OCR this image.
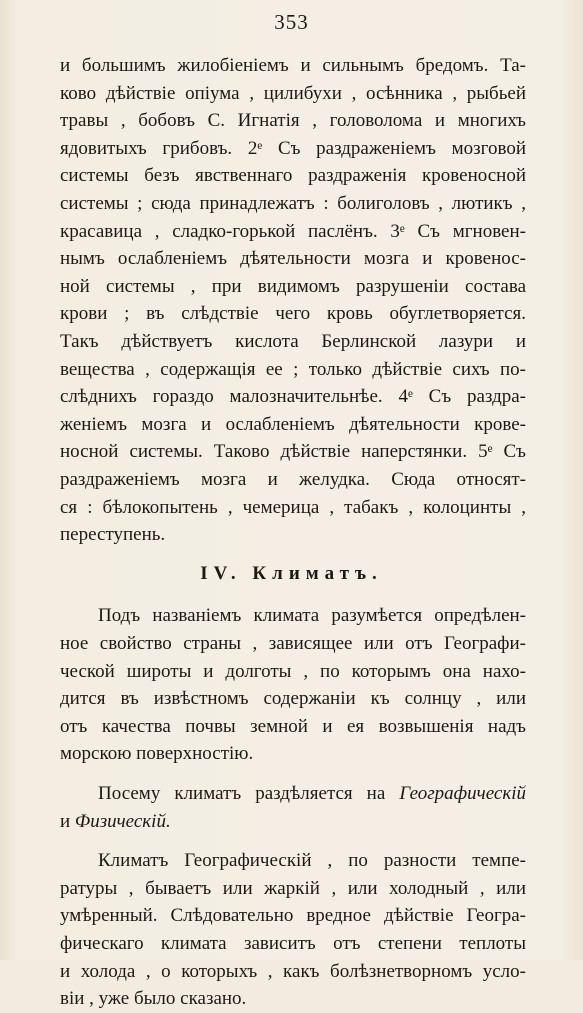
353
и большимъ жилобіеніемъ и сильнымъ бредомъ. Та-
ково дѣйствіе опіума , цилибухи , осѣнника , рыбьей
травы , бобовъ С. Игнатія , головолома и многихъ
ядовитыхъ грибовъ. 2ᵉ Съ раздраженіемъ мозговой
системы безъ явственнаго раздраженія кровеносной
системы ; сюда принадлежатъ : болиголовъ , лютикъ ,
красавица , сладко-горькой паслёнъ. 3ᵉ Съ мгновен-
нымъ ослабленіемъ дѣятельности мозга и кровенос-
ной системы , при видимомъ разрушеніи состава
крови ; въ слѣдствіе чего кровь обуглетворяется.
Такъ дѣйствуетъ кислота Берлинской лазури и
вещества , содержащія ее ; только дѣйствіе сихъ по-
слѣднихъ гораздо малозначительнѣе. 4ᵉ Съ раздра-
женіемъ мозга и ослабленіемъ дѣятельности крове-
носной системы. Таково дѣйствіе наперстянки. 5ᵉ Съ
раздраженіемъ мозга и желудка. Сюда относят-
ся : бѣлокопытень , чемерица , табакъ , колоцинты ,
переступень.
IV. Климатъ.
Подъ названіемъ климата разумѣется опредѣлен-
ное свойство страны , зависящее или отъ Географи-
ческой широты и долготы , по которымъ она нахо-
дится въ извѣстномъ содержаніи къ солнцу , или
отъ качества почвы земной и ея возвышенія надъ
морскою поверхностію.
Посему климатъ раздѣляется на Географическій
и Физическій.
Климатъ Географическій , по разности темпе-
ратуры , бываетъ или жаркій , или холодный , или
умѣренный. Слѣдовательно вредное дѣйствіе Геогра-
фическаго климата зависитъ отъ степени теплоты
и холода , о которыхъ , какъ болѣзнетворномъ усло-
віи , уже было сказано.
